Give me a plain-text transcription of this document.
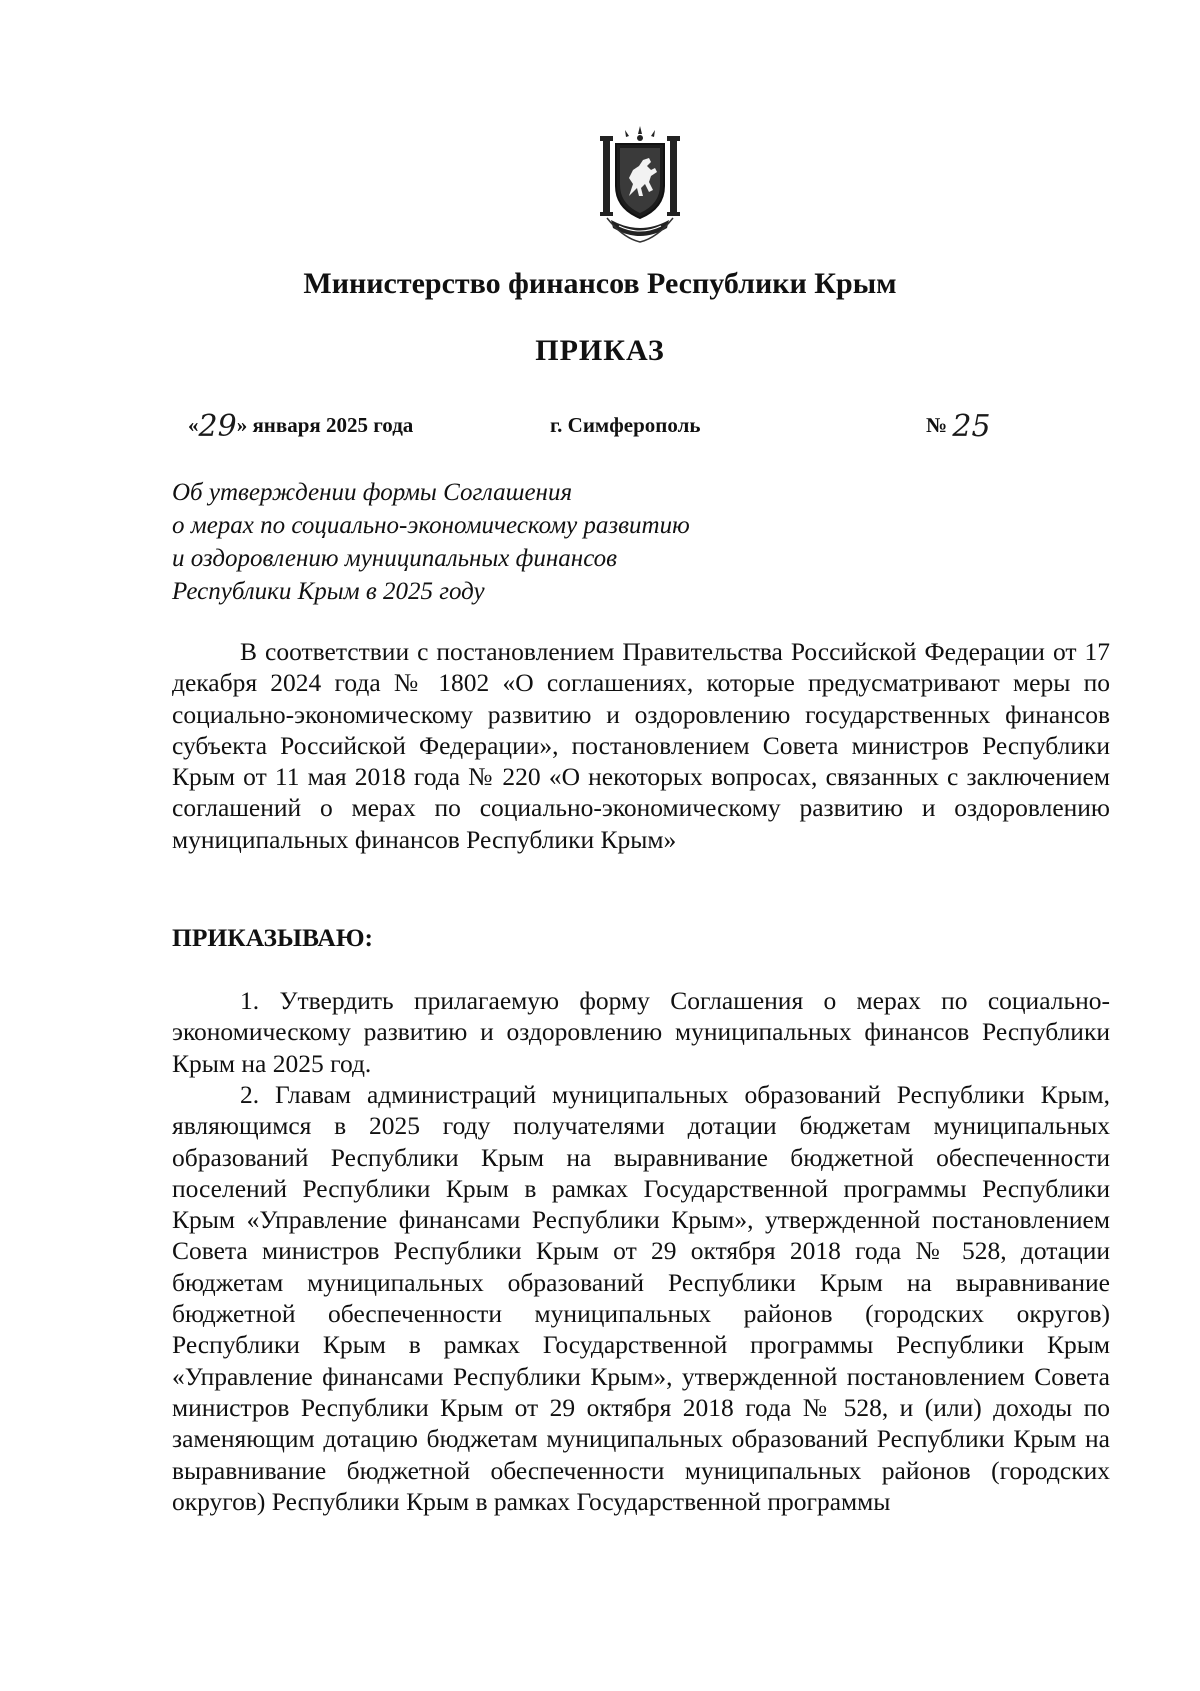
Министерство финансов Республики Крым
ПРИКАЗ
«29» января 2025 года	г. Симферополь	№ 25
Об утверждении формы Соглашения
о мерах по социально-экономическому развитию
и оздоровлению муниципальных финансов
Республики Крым в 2025 году
В соответствии с постановлением Правительства Российской Федерации от 17 декабря 2024 года № 1802 «О соглашениях, которые предусматривают меры по социально-экономическому развитию и оздоровлению государственных финансов субъекта Российской Федерации», постановлением Совета министров Республики Крым от 11 мая 2018 года № 220 «О некоторых вопросах, связанных с заключением соглашений о мерах по социально-экономическому развитию и оздоровлению муниципальных финансов Республики Крым»
ПРИКАЗЫВАЮ:
1. Утвердить прилагаемую форму Соглашения о мерах по социально-экономическому развитию и оздоровлению муниципальных финансов Республики Крым на 2025 год.
2. Главам администраций муниципальных образований Республики Крым, являющимся в 2025 году получателями дотации бюджетам муниципальных образований Республики Крым на выравнивание бюджетной обеспеченности поселений Республики Крым в рамках Государственной программы Республики Крым «Управление финансами Республики Крым», утвержденной постановлением Совета министров Республики Крым от 29 октября 2018 года № 528, дотации бюджетам муниципальных образований Республики Крым на выравнивание бюджетной обеспеченности муниципальных районов (городских округов) Республики Крым в рамках Государственной программы Республики Крым «Управление финансами Республики Крым», утвержденной постановлением Совета министров Республики Крым от 29 октября 2018 года № 528, и (или) доходы по заменяющим дотацию бюджетам муниципальных образований Республики Крым на выравнивание бюджетной обеспеченности муниципальных районов (городских округов) Республики Крым в рамках Государственной программы
